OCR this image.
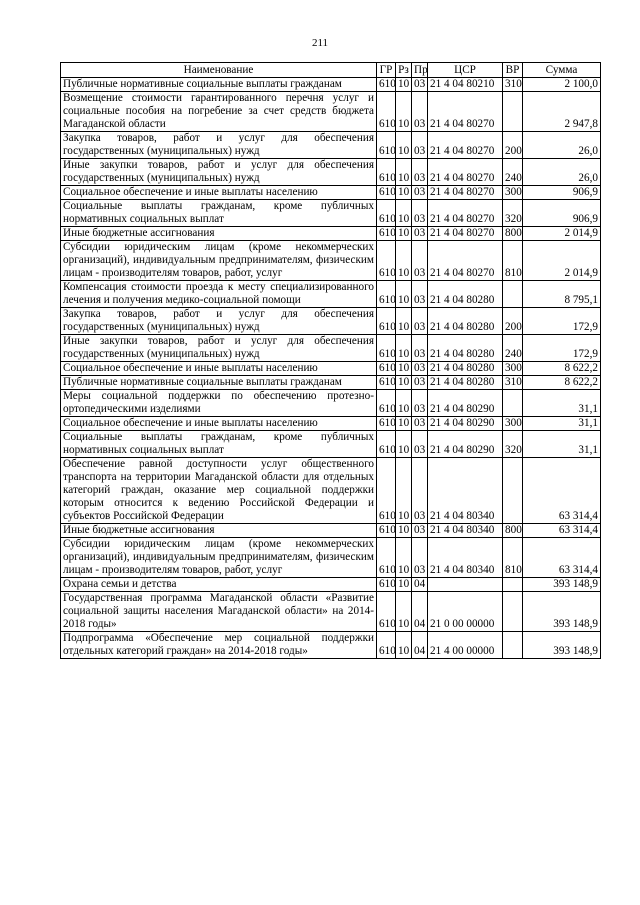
211
Наименование	ГР	Рз	Пр	ЦСР	ВР	Сумма
Публичные нормативные социальные выплаты гражданам	610	10	03	21 4 04 80210	310	2 100,0
Возмещение стоимости гарантированного перечня услуг и социальные пособия на погребение за счет средств бюджета Магаданской области	610	10	03	21 4 04 80270		2 947,8
Закупка товаров, работ и услуг для обеспечения государственных (муниципальных) нужд	610	10	03	21 4 04 80270	200	26,0
Иные закупки товаров, работ и услуг для обеспечения государственных (муниципальных) нужд	610	10	03	21 4 04 80270	240	26,0
Социальное обеспечение и иные выплаты населению	610	10	03	21 4 04 80270	300	906,9
Социальные выплаты гражданам, кроме публичных нормативных социальных выплат	610	10	03	21 4 04 80270	320	906,9
Иные бюджетные ассигнования	610	10	03	21 4 04 80270	800	2 014,9
Субсидии юридическим лицам (кроме некоммерческих организаций), индивидуальным предпринимателям, физическим лицам - производителям товаров, работ, услуг	610	10	03	21 4 04 80270	810	2 014,9
Компенсация стоимости проезда к месту специализированного лечения и получения медико-социальной помощи	610	10	03	21 4 04 80280		8 795,1
Закупка товаров, работ и услуг для обеспечения государственных (муниципальных) нужд	610	10	03	21 4 04 80280	200	172,9
Иные закупки товаров, работ и услуг для обеспечения государственных (муниципальных) нужд	610	10	03	21 4 04 80280	240	172,9
Социальное обеспечение и иные выплаты населению	610	10	03	21 4 04 80280	300	8 622,2
Публичные нормативные социальные выплаты гражданам	610	10	03	21 4 04 80280	310	8 622,2
Меры социальной поддержки по обеспечению протезно-ортопедическими изделиями	610	10	03	21 4 04 80290		31,1
Социальное обеспечение и иные выплаты населению	610	10	03	21 4 04 80290	300	31,1
Социальные выплаты гражданам, кроме публичных нормативных социальных выплат	610	10	03	21 4 04 80290	320	31,1
Обеспечение равной доступности услуг общественного транспорта на территории Магаданской области для отдельных категорий граждан, оказание мер социальной поддержки которым относится к ведению Российской Федерации и субъектов Российской Федерации	610	10	03	21 4 04 80340		63 314,4
Иные бюджетные ассигнования	610	10	03	21 4 04 80340	800	63 314,4
Субсидии юридическим лицам (кроме некоммерческих организаций), индивидуальным предпринимателям, физическим лицам - производителям товаров, работ, услуг	610	10	03	21 4 04 80340	810	63 314,4
Охрана семьи и детства	610	10	04			393 148,9
Государственная программа Магаданской области «Развитие социальной защиты населения Магаданской области» на 2014-2018 годы»	610	10	04	21 0 00 00000		393 148,9
Подпрограмма «Обеспечение мер социальной поддержки отдельных категорий граждан» на 2014-2018 годы»	610	10	04	21 4 00 00000		393 148,9
